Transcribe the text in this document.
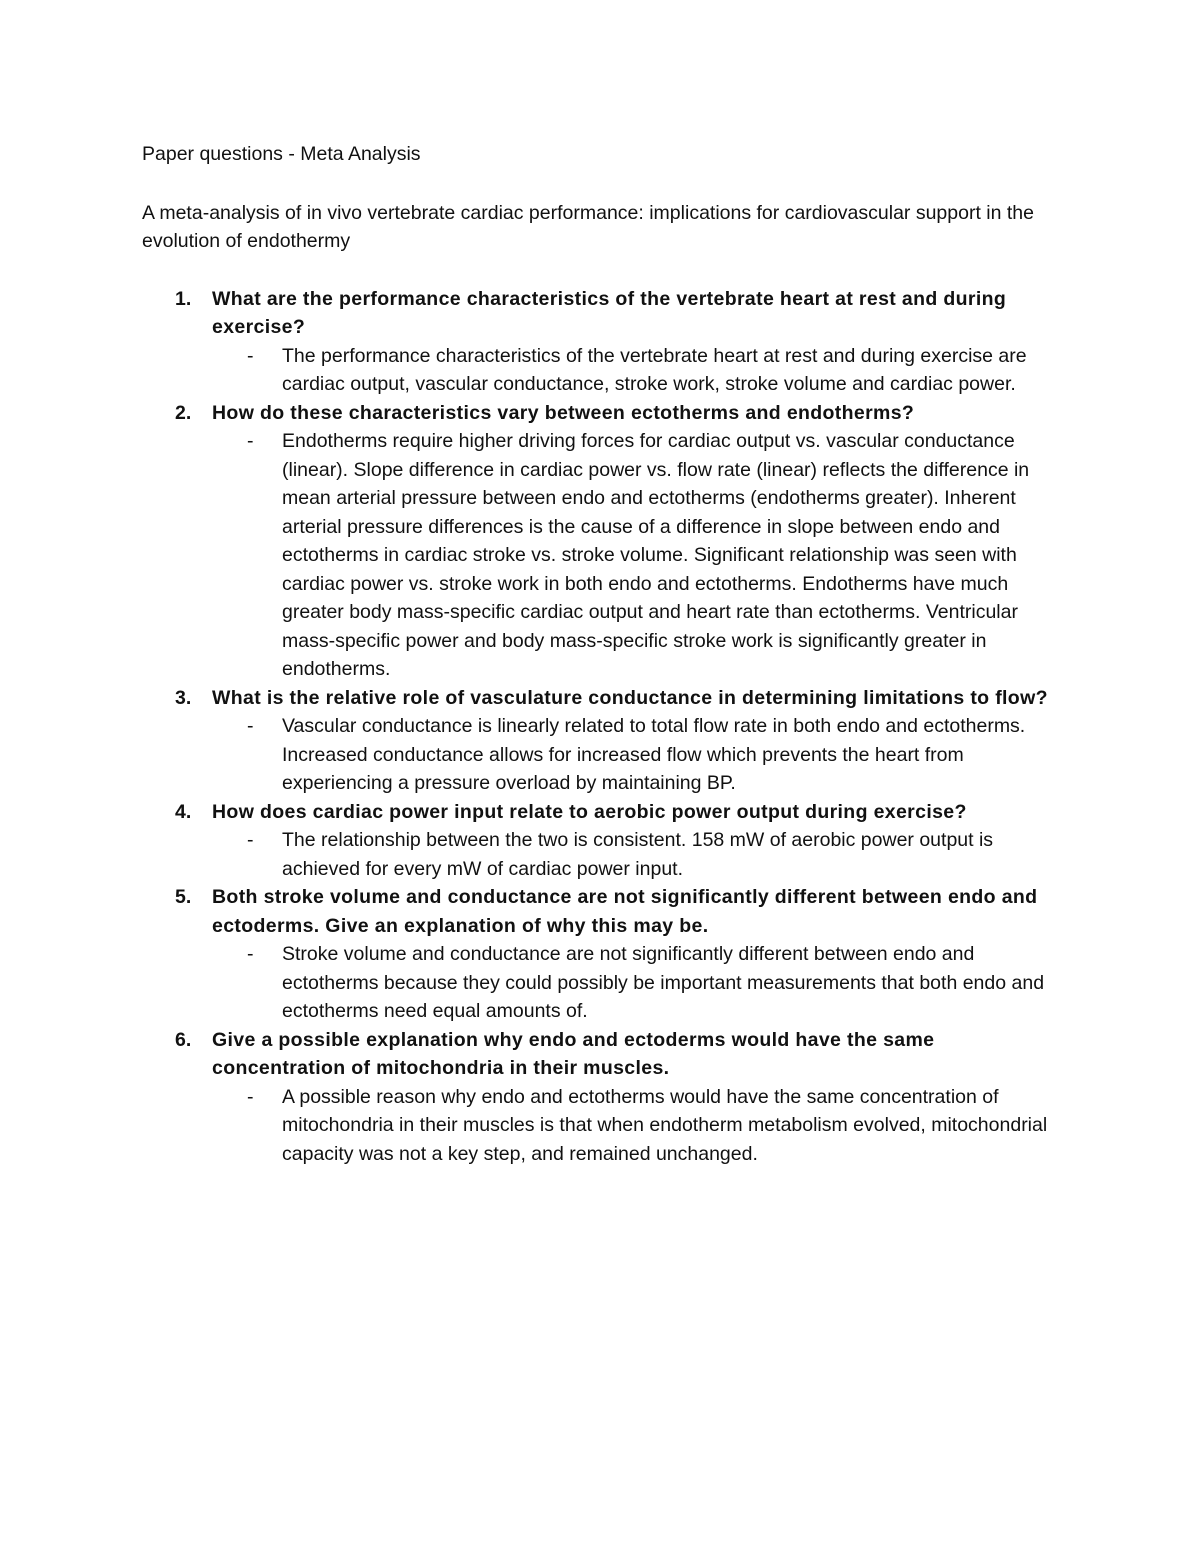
Paper questions - Meta Analysis

A meta-analysis of in vivo vertebrate cardiac performance: implications for cardiovascular support in the evolution of endothermy

1. What are the performance characteristics of the vertebrate heart at rest and during exercise?

- The performance characteristics of the vertebrate heart at rest and during exercise are cardiac output, vascular conductance, stroke work, stroke volume and cardiac power.

2. How do these characteristics vary between ectotherms and endotherms?

- Endotherms require higher driving forces for cardiac output vs. vascular conductance (linear). Slope difference in cardiac power vs. flow rate (linear) reflects the difference in mean arterial pressure between endo and ectotherms (endotherms greater). Inherent arterial pressure differences is the cause of a difference in slope between endo and ectotherms in cardiac stroke vs. stroke volume. Significant relationship was seen with cardiac power vs. stroke work in both endo and ectotherms. Endotherms have much greater body mass-specific cardiac output and heart rate than ectotherms. Ventricular mass-specific power and body mass-specific stroke work is significantly greater in endotherms.

3. What is the relative role of vasculature conductance in determining limitations to flow?

- Vascular conductance is linearly related to total flow rate in both endo and ectotherms. Increased conductance allows for increased flow which prevents the heart from experiencing a pressure overload by maintaining BP.

4. How does cardiac power input relate to aerobic power output during exercise?

- The relationship between the two is consistent. 158 mW of aerobic power output is achieved for every mW of cardiac power input.

5. Both stroke volume and conductance are not significantly different between endo and ectoderms. Give an explanation of why this may be.

- Stroke volume and conductance are not significantly different between endo and ectotherms because they could possibly be important measurements that both endo and ectotherms need equal amounts of.

6. Give a possible explanation why endo and ectoderms would have the same concentration of mitochondria in their muscles.

- A possible reason why endo and ectotherms would have the same concentration of mitochondria in their muscles is that when endotherm metabolism evolved, mitochondrial capacity was not a key step, and remained unchanged.
